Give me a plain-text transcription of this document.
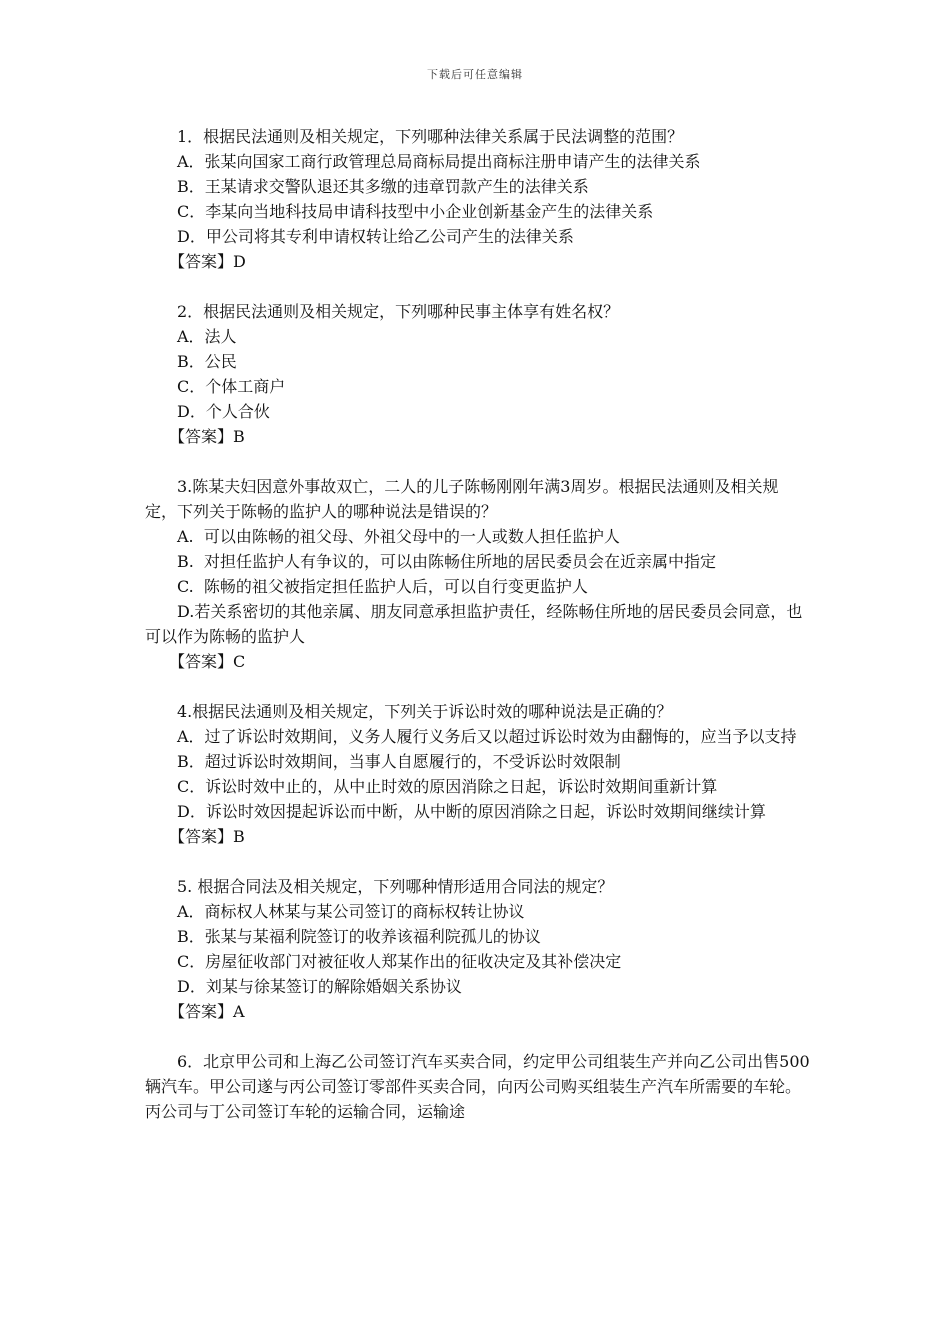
下载后可任意编辑
1．根据民法通则及相关规定，下列哪种法律关系属于民法调整的范围？
A．张某向国家工商行政管理总局商标局提出商标注册申请产生的法律关系
B．王某请求交警队退还其多缴的违章罚款产生的法律关系
C．李某向当地科技局申请科技型中小企业创新基金产生的法律关系
D．甲公司将其专利申请权转让给乙公司产生的法律关系
【答案】D
2．根据民法通则及相关规定，下列哪种民事主体享有姓名权？
A．法人
B．公民
C．个体工商户
D．个人合伙
【答案】B
3.陈某夫妇因意外事故双亡，二人的儿子陈畅刚刚年满3周岁。根据民法通则及相关规定，下列关于陈畅的监护人的哪种说法是错误的？
A.  可以由陈畅的祖父母、外祖父母中的一人或数人担任监护人
B.  对担任监护人有争议的，可以由陈畅住所地的居民委员会在近亲属中指定
C.  陈畅的祖父被指定担任监护人后，可以自行变更监护人
D.若关系密切的其他亲属、朋友同意承担监护责任，经陈畅住所地的居民委员会同意，也可以作为陈畅的监护人
【答案】C
4.根据民法通则及相关规定，下列关于诉讼时效的哪种说法是正确的？
A．过了诉讼时效期间，义务人履行义务后又以超过诉讼时效为由翻悔的，应当予以支持
B．超过诉讼时效期间，当事人自愿履行的，不受诉讼时效限制
C．诉讼时效中止的，从中止时效的原因消除之日起，诉讼时效期间重新计算
D．诉讼时效因提起诉讼而中断，从中断的原因消除之日起，诉讼时效期间继续计算
【答案】B
5. 根据合同法及相关规定，下列哪种情形适用合同法的规定？
A．商标权人林某与某公司签订的商标权转让协议
B．张某与某福利院签订的收养该福利院孤儿的协议
C．房屋征收部门对被征收人郑某作出的征收决定及其补偿决定
D．刘某与徐某签订的解除婚姻关系协议
【答案】A
6．北京甲公司和上海乙公司签订汽车买卖合同，约定甲公司组装生产并向乙公司出售500辆汽车。甲公司遂与丙公司签订零部件买卖合同，向丙公司购买组装生产汽车所需要的车轮。丙公司与丁公司签订车轮的运输合同，运输途
